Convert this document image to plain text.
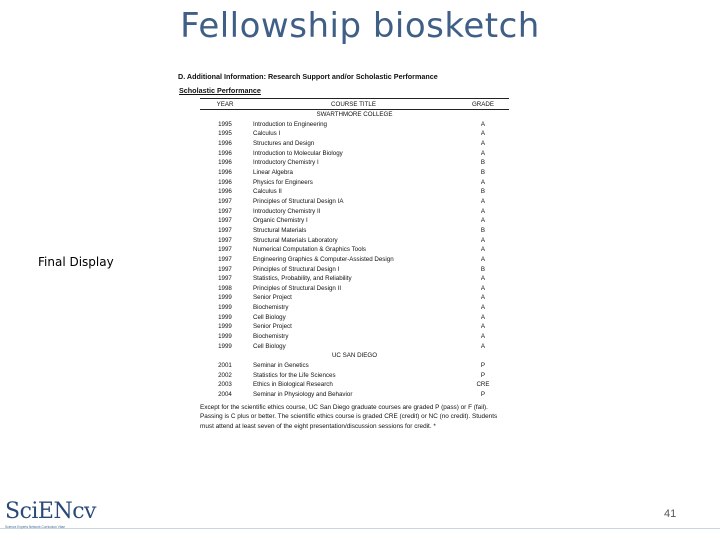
Fellowship biosketch
Final Display
D. Additional Information: Research Support and/or Scholastic Performance
Scholastic Performance
YEAR	COURSE TITLE	GRADE
SWARTHMORE COLLEGE		
1995	Introduction to Engineering	A
1995	Calculus I	A
1996	Structures and Design	A
1996	Introduction to Molecular Biology	A
1996	Introductory Chemistry I	B
1996	Linear Algebra	B
1996	Physics for Engineers	A
1996	Calculus II	B
1997	Principles of Structural Design IA	A
1997	Introductory Chemistry II	A
1997	Organic Chemistry I	A
1997	Structural Materials	B
1997	Structural Materials Laboratory	A
1997	Numerical Computation & Graphics Tools	A
1997	Engineering Graphics & Computer-Assisted Design	A
1997	Principles of Structural Design I	B
1997	Statistics, Probability, and Reliability	A
1998	Principles of Structural Design II	A
1999	Senior Project	A
1999	Biochemistry	A
1999	Cell Biology	A
1999	Senior Project	A
1999	Biochemistry	A
1999	Cell Biology	A
UC SAN DIEGO		
2001	Seminar in Genetics	P
2002	Statistics for the Life Sciences	P
2003	Ethics in Biological Research	CRE
2004	Seminar in Physiology and Behavior	P
Except for the scientific ethics course, UC San Diego graduate courses are graded P (pass) or F (fail). Passing is C plus or better. The scientific ethics course is graded CRE (credit) or NC (no credit). Students must attend at least seven of the eight presentation/discussion sessions for credit. *
SciENcv
Science Experts Network Curriculum Vitae
41
